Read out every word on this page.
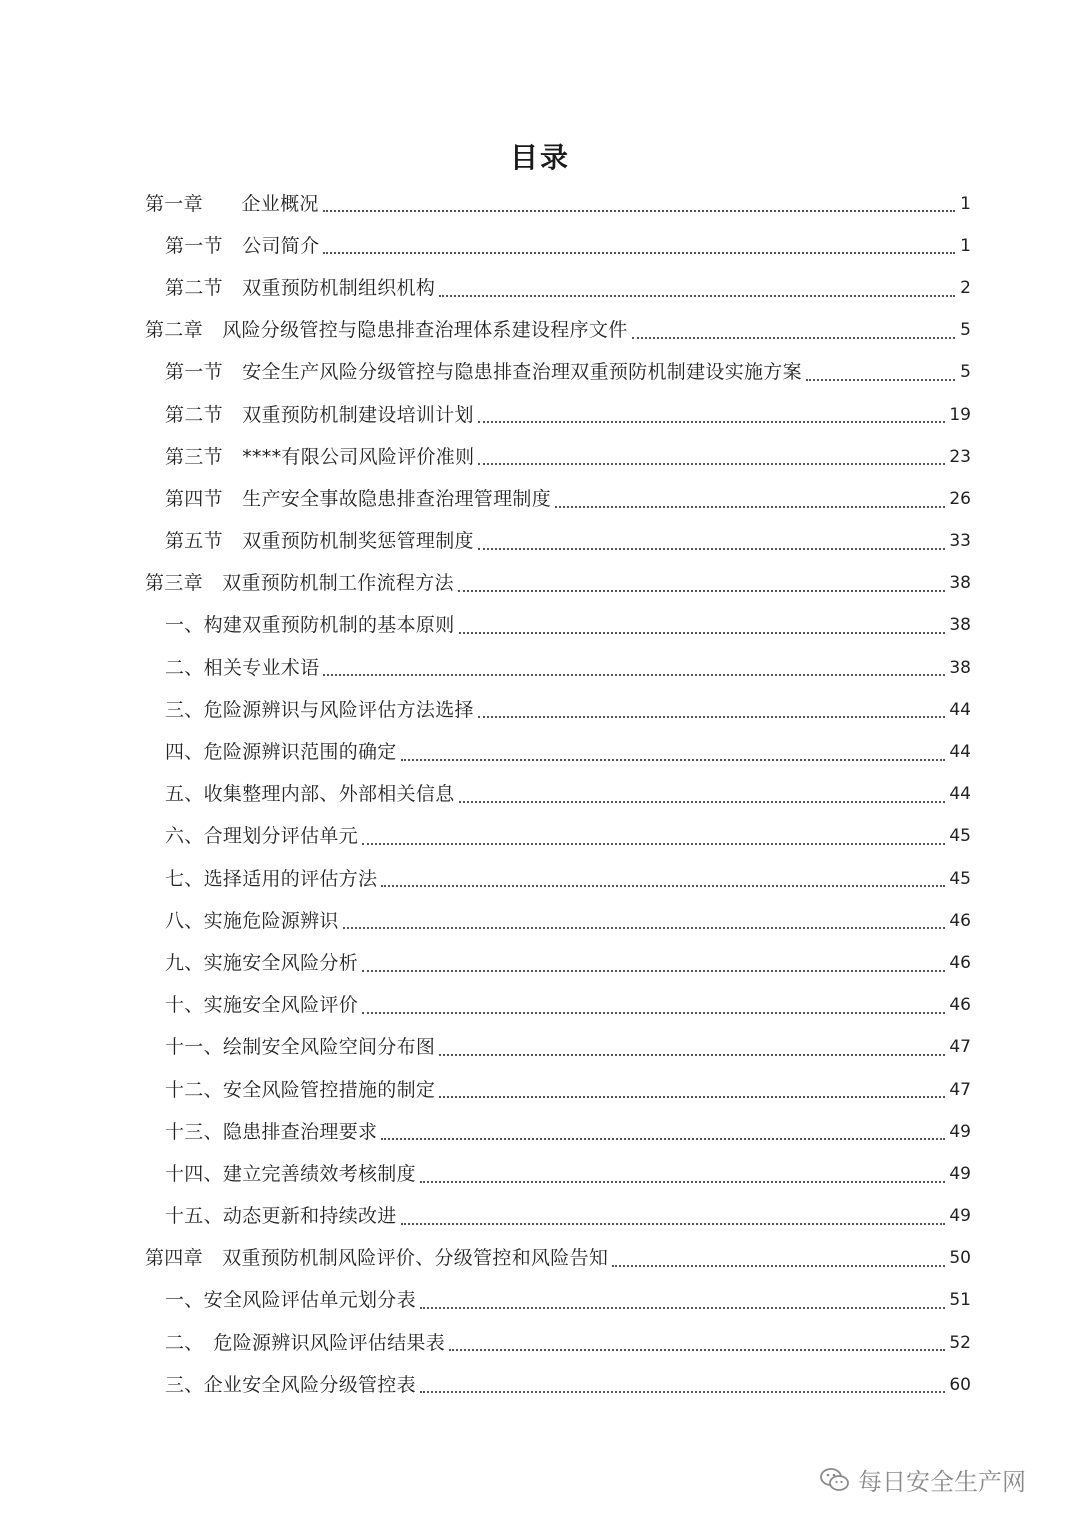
目录
第一章　　企业概况	1
第一节　公司简介	1
第二节　双重预防机制组织机构	2
第二章　风险分级管控与隐患排查治理体系建设程序文件	5
第一节　安全生产风险分级管控与隐患排查治理双重预防机制建设实施方案	5
第二节　双重预防机制建设培训计划	19
第三节　****有限公司风险评价准则	23
第四节　生产安全事故隐患排查治理管理制度	26
第五节　双重预防机制奖惩管理制度	33
第三章　双重预防机制工作流程方法	38
一、构建双重预防机制的基本原则	38
二、相关专业术语	38
三、危险源辨识与风险评估方法选择	44
四、危险源辨识范围的确定	44
五、收集整理内部、外部相关信息	44
六、合理划分评估单元	45
七、选择适用的评估方法	45
八、实施危险源辨识	46
九、实施安全风险分析	46
十、实施安全风险评价	46
十一、绘制安全风险空间分布图	47
十二、安全风险管控措施的制定	47
十三、隐患排查治理要求	49
十四、建立完善绩效考核制度	49
十五、动态更新和持续改进	49
第四章　双重预防机制风险评价、分级管控和风险告知	50
一、安全风险评估单元划分表	51
二、　危险源辨识风险评估结果表	52
三、企业安全风险分级管控表	60
每日安全生产网
